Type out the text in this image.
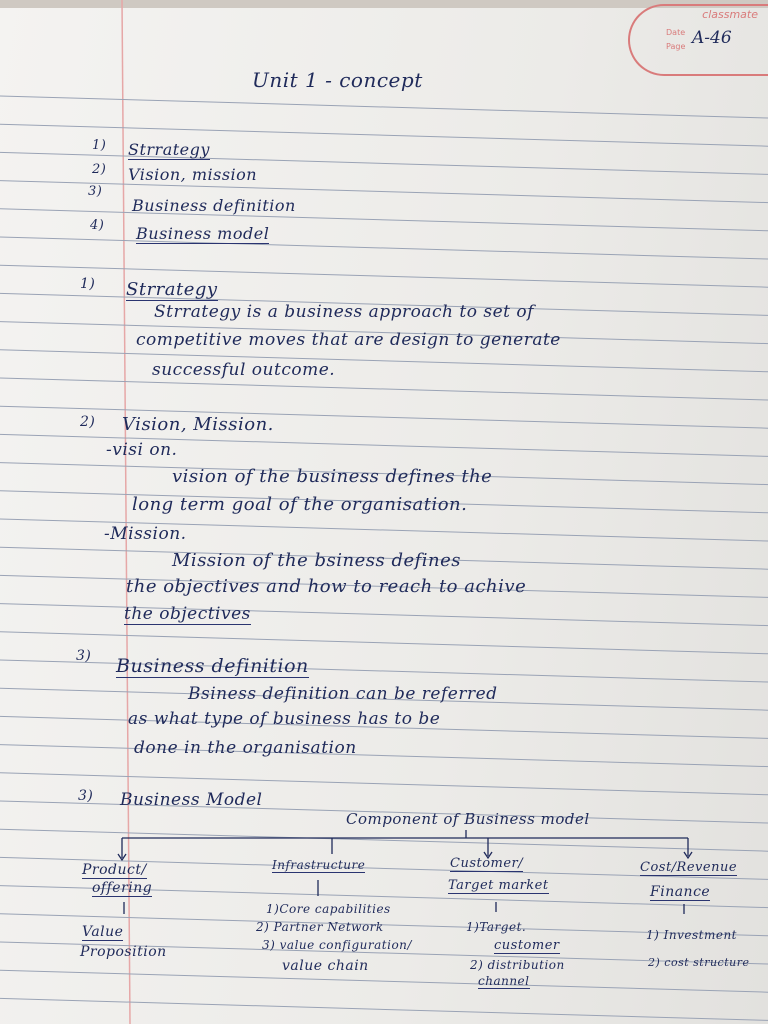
classmate
Date
Page A-46
Unit 1 - concept
1) Strrategy
2) Vision, mission
3)
Business definition
4) Business model
1) Strrategy
Strrategy is a business approach to set of
competitive moves that are design to generate
successful outcome.
2) Vision, Mission.
-visi on.
vision of the business defines the
long term goal of the organisation.
-Mission.
Mission of the bsiness defines
the objectives and how to reach to achive
the objectives
3) Business definition
Bsiness definition can be referred
as what type of business has to be
done in the organisation
3) Business Model
Component of Business model
Product/
offering
Value
Proposition
Infrastructure
1)Core capabilities
2) Partner Network
3) value configuration/
value chain
Customer/
Target market
1)Target.
customer
2) distribution
channel
Cost/Revenue
Finance
1) Investment
2) cost structure
